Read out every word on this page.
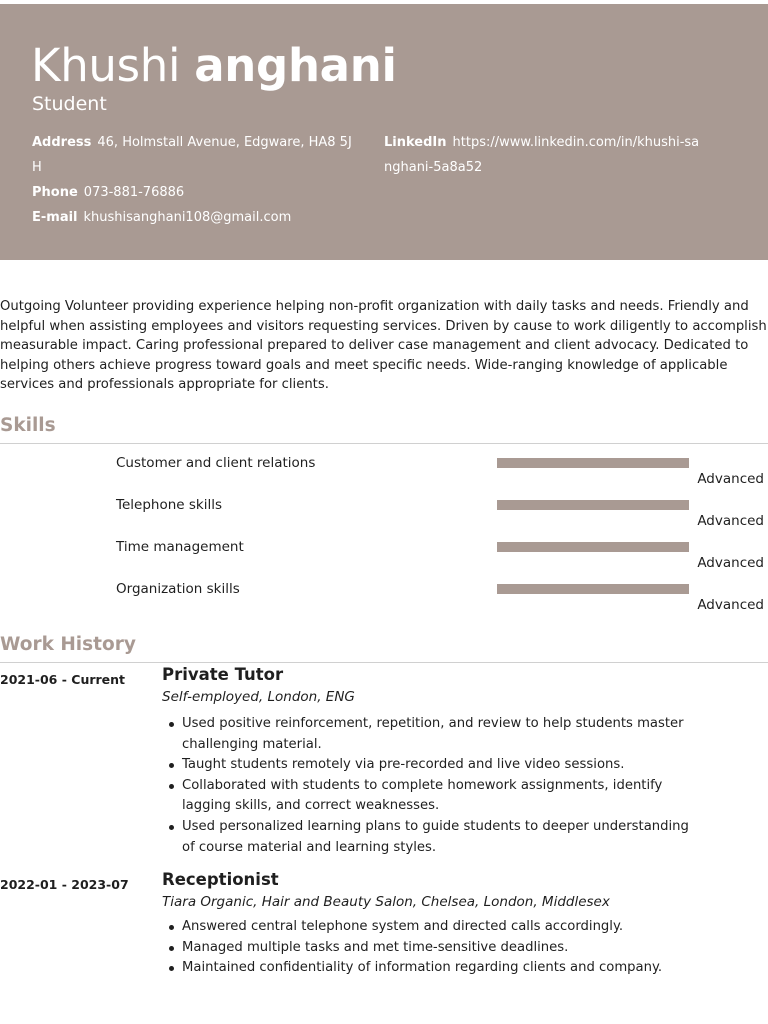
Khushi anghani
Student
Address 46, Holmstall Avenue, Edgware, HA8 5JH
Phone 073-881-76886
E-mail khushisanghani108@gmail.com
LinkedIn https://www.linkedin.com/in/khushi-sanghani-5a8a52

Outgoing Volunteer providing experience helping non-profit organization with daily tasks and needs. Friendly and helpful when assisting employees and visitors requesting services. Driven by cause to work diligently to accomplish measurable impact. Caring professional prepared to deliver case management and client advocacy. Dedicated to helping others achieve progress toward goals and meet specific needs. Wide-ranging knowledge of applicable services and professionals appropriate for clients.

Skills
Customer and client relations
Advanced
Telephone skills
Advanced
Time management
Advanced
Organization skills
Advanced
Work History
2021-06 - Current Private Tutor
Self-employed, London, ENG
Used positive reinforcement, repetition, and review to help students master challenging material.
Taught students remotely via pre-recorded and live video sessions.
Collaborated with students to complete homework assignments, identify lagging skills, and correct weaknesses.
Used personalized learning plans to guide students to deeper understanding of course material and learning styles.
2022-01 - 2023-07 Receptionist
Tiara Organic, Hair and Beauty Salon, Chelsea, London, Middlesex
Answered central telephone system and directed calls accordingly.
Managed multiple tasks and met time-sensitive deadlines.
Maintained confidentiality of information regarding clients and company.
